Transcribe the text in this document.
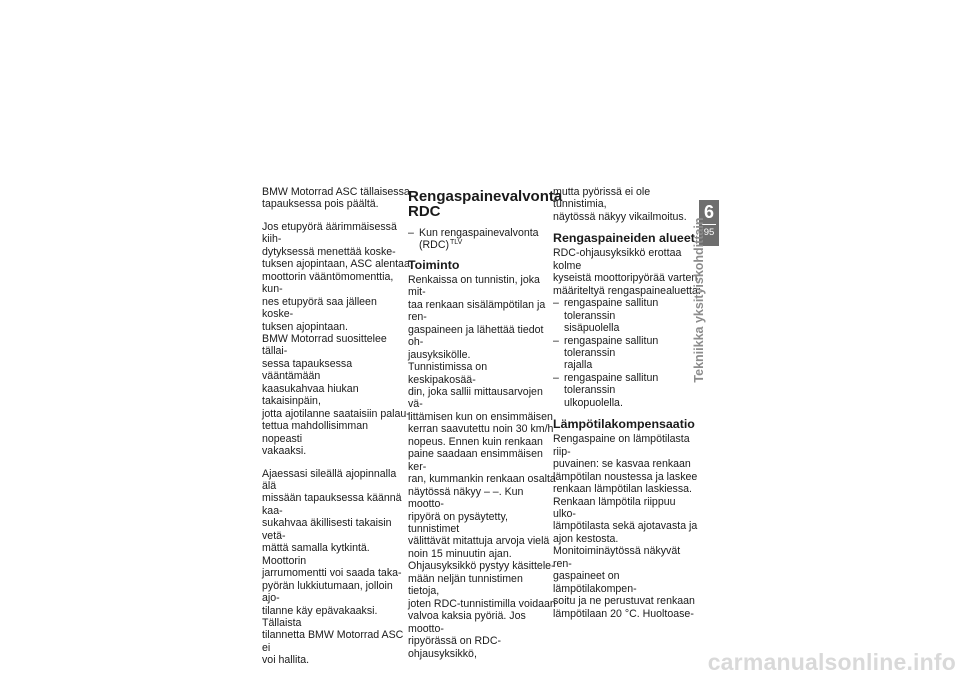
BMW Motorrad ASC tällaisessa
tapauksessa pois päältä.
Jos etupyörä äärimmäisessä kiih-
dytyksessä menettää koske-
tuksen ajopintaan, ASC alentaa
moottorin vääntömomenttia, kun-
nes etupyörä saa jälleen koske-
tuksen ajopintaan.
BMW Motorrad suosittelee tällai-
sessa tapauksessa vääntämään
kaasukahvaa hiukan takaisinpäin,
jotta ajotilanne saataisiin palau-
tettua mahdollisimman nopeasti
vakaaksi.
Ajaessasi sileällä ajopinnalla älä
missään tapauksessa käännä kaa-
sukahvaa äkillisesti takaisin vetä-
mättä samalla kytkintä. Moottorin
jarrumomentti voi saada taka-
pyörän lukkiutumaan, jolloin ajo-
tilanne käy epävakaaksi. Tällaista
tilannetta BMW Motorrad ASC ei
voi hallita.
Rengaspainevalvonta
RDC
– Kun rengaspainevalvonta
(RDC)$^{TLV}$
Toiminto
Renkaissa on tunnistin, joka mit-
taa renkaan sisälämpötilan ja ren-
gaspaineen ja lähettää tiedot oh-
jausyksikölle.
Tunnistimissa on keskipakosää-
din, joka sallii mittausarvojen vä-
littämisen kun on ensimmäisen
kerran saavutettu noin 30 km/h
nopeus. Ennen kuin renkaan
paine saadaan ensimmäisen ker-
ran, kummankin renkaan osalta
näytössä näkyy – –. Kun mootto-
ripyörä on pysäytetty, tunnistimet
välittävät mitattuja arvoja vielä
noin 15 minuutin ajan.
Ohjausyksikkö pystyy käsittele-
mään neljän tunnistimen tietoja,
joten RDC-tunnistimilla voidaan
valvoa kaksia pyöriä. Jos mootto-
ripyörässä on RDC-ohjausyksikkö,
mutta pyörissä ei ole tunnistimia,
näytössä näkyy vikailmoitus.
Rengaspaineiden alueet
RDC-ohjausyksikkö erottaa kolme
kyseistä moottoripyörää varten
määriteltyä rengaspainealuetta:
– rengaspaine sallitun toleranssin
sisäpuolella
– rengaspaine sallitun toleranssin
rajalla
– rengaspaine sallitun toleranssin
ulkopuolella.
Lämpötilakompensaatio
Rengaspaine on lämpötilasta riip-
puvainen: se kasvaa renkaan
lämpötilan noustessa ja laskee
renkaan lämpötilan laskiessa.
Renkaan lämpötila riippuu ulko-
lämpötilasta sekä ajotavasta ja
ajon kestosta.
Monitoiminäytössä näkyvät ren-
gaspaineet on lämpötilakompen-
soitu ja ne perustuvat renkaan
lämpötilaan 20 °C. Huoltoase-
6
95
Tekniikka yksityiskohdittain
carmanualsonline.info
